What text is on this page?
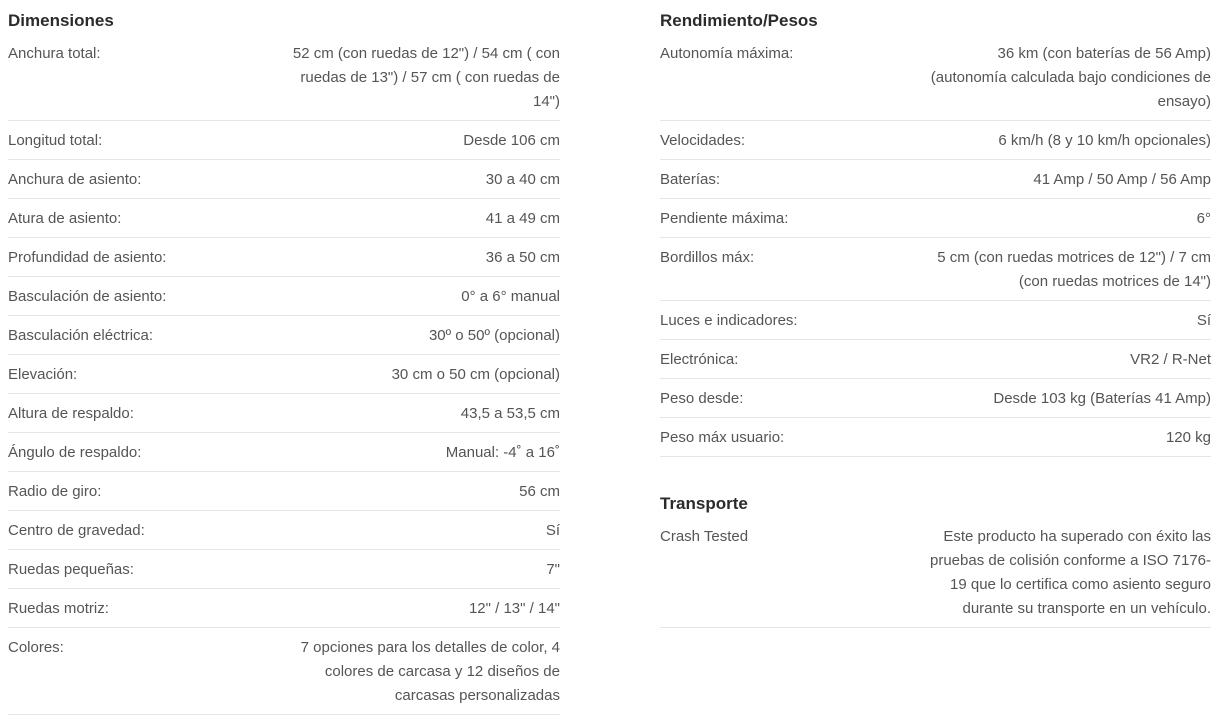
Dimensiones
Anchura total:	52 cm (con ruedas de 12") / 54 cm ( con ruedas de 13") / 57 cm ( con ruedas de 14")
Longitud total:	Desde 106 cm
Anchura de asiento:	30 a 40 cm
Atura de asiento:	41 a 49 cm
Profundidad de asiento:	36 a 50 cm
Basculación de asiento:	0° a 6° manual
Basculación eléctrica:	30º o 50º (opcional)
Elevación:	30 cm o 50 cm (opcional)
Altura de respaldo:	43,5 a 53,5 cm
Ángulo de respaldo:	Manual: -4˚ a 16˚
Radio de giro:	56 cm
Centro de gravedad:	Sí
Ruedas pequeñas:	7"
Ruedas motriz:	12" / 13" / 14"
Colores:	7 opciones para los detalles de color, 4 colores de carcasa y 12 diseños de carcasas personalizadas
Rendimiento/Pesos
Autonomía máxima:	36 km (con baterías de 56 Amp) (autonomía calculada bajo condiciones de ensayo)
Velocidades:	6 km/h (8 y 10 km/h opcionales)
Baterías:	41 Amp / 50 Amp / 56 Amp
Pendiente máxima:	6°
Bordillos máx:	5 cm (con ruedas motrices de 12") / 7 cm (con ruedas motrices de 14")
Luces e indicadores:	Sí
Electrónica:	VR2 / R-Net
Peso desde:	Desde 103 kg (Baterías 41 Amp)
Peso máx usuario:	120 kg
Transporte
Crash Tested	Este producto ha superado con éxito las pruebas de colisión conforme a ISO 7176-19 que lo certifica como asiento seguro durante su transporte en un vehículo.
